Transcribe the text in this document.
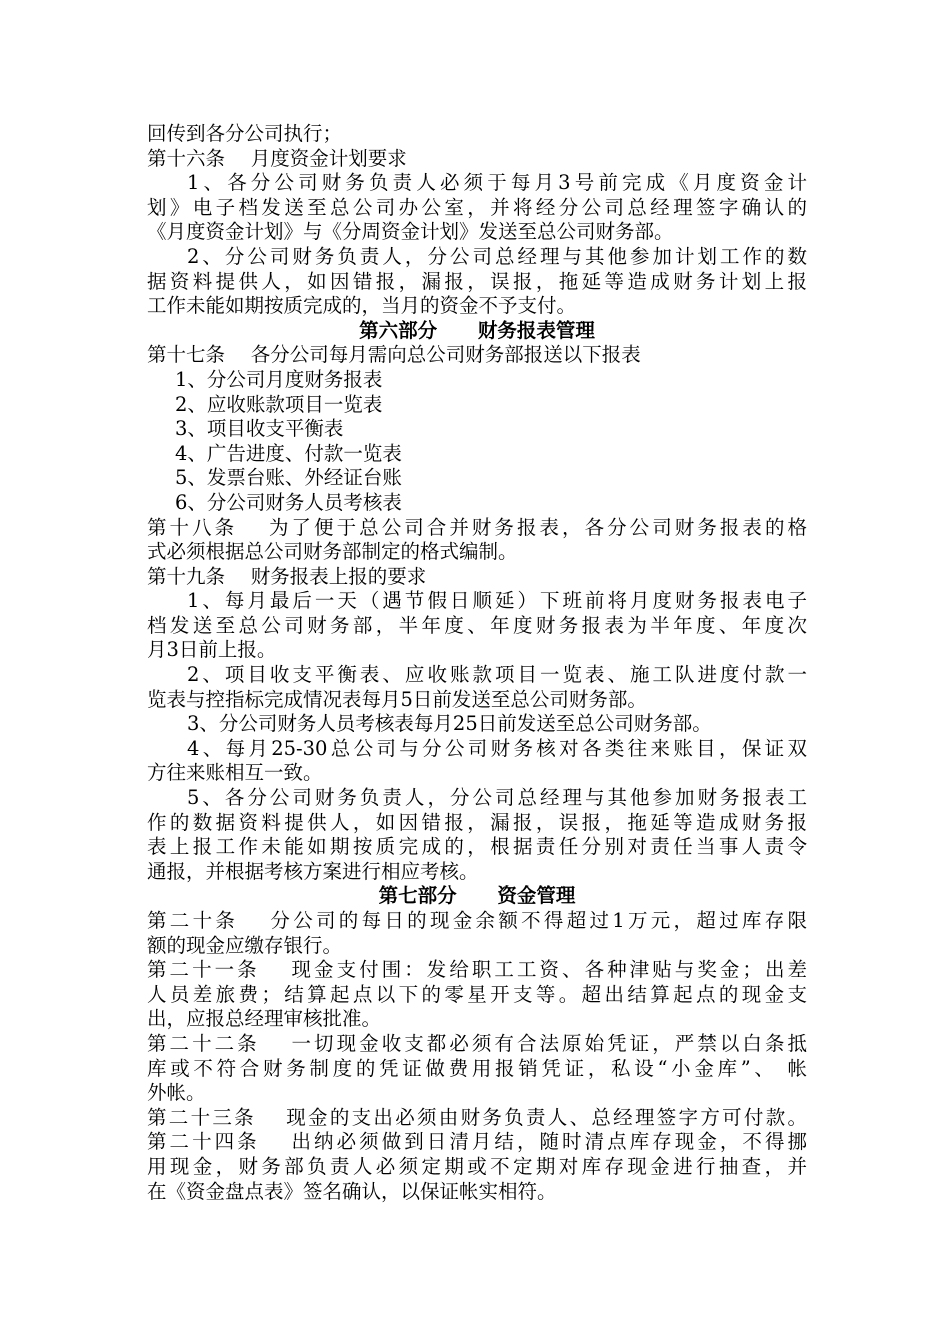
回传到各分公司执行；
第十六条　 月度资金计划要求
1、各分公司财务负责人必须于每月3号前完成《月度资金计
划》电子档发送至总公司办公室，并将经分公司总经理签字确认的
《月度资金计划》与《分周资金计划》发送至总公司财务部。
2、分公司财务负责人，分公司总经理与其他参加计划工作的数
据资料提供人，如因错报，漏报，误报，拖延等造成财务计划上报
工作未能如期按质完成的，当月的资金不予支付。
第六部分      财务报表管理
第十七条　 各分公司每月需向总公司财务部报送以下报表
1、分公司月度财务报表
2、应收账款项目一览表
3、项目收支平衡表
4、广告进度、付款一览表
5、发票台账、外经证台账
6、分公司财务人员考核表
第十八条　 为了便于总公司合并财务报表，各分公司财务报表的格
式必须根据总公司财务部制定的格式编制。
第十九条　 财务报表上报的要求
1、每月最后一天（遇节假日顺延）下班前将月度财务报表电子
档发送至总公司财务部，半年度、年度财务报表为半年度、年度次
月3日前上报。
2、项目收支平衡表、应收账款项目一览表、施工队进度付款一
览表与控指标完成情况表每月5日前发送至总公司财务部。
3、分公司财务人员考核表每月25日前发送至总公司财务部。
4、每月25-30总公司与分公司财务核对各类往来账目，保证双
方往来账相互一致。
5、各分公司财务负责人，分公司总经理与其他参加财务报表工
作的数据资料提供人，如因错报，漏报，误报，拖延等造成财务报
表上报工作未能如期按质完成的，根据责任分别对责任当事人责令
通报，并根据考核方案进行相应考核。
第七部分      资金管理
第二十条　 分公司的每日的现金余额不得超过1万元，超过库存限
额的现金应缴存银行。
第二十一条　 现金支付围：发给职工工资、各种津贴与奖金；出差
人员差旅费；结算起点以下的零星开支等。超出结算起点的现金支
出，应报总经理审核批准。
第二十二条　 一切现金收支都必须有合法原始凭证，严禁以白条抵
库或不符合财务制度的凭证做费用报销凭证，私设“小金库”、 帐
外帐。
第二十三条　 现金的支出必须由财务负责人、总经理签字方可付款。
第二十四条　 出纳必须做到日清月结，随时清点库存现金，不得挪
用现金，财务部负责人必须定期或不定期对库存现金进行抽查，并
在《资金盘点表》签名确认，以保证帐实相符。
